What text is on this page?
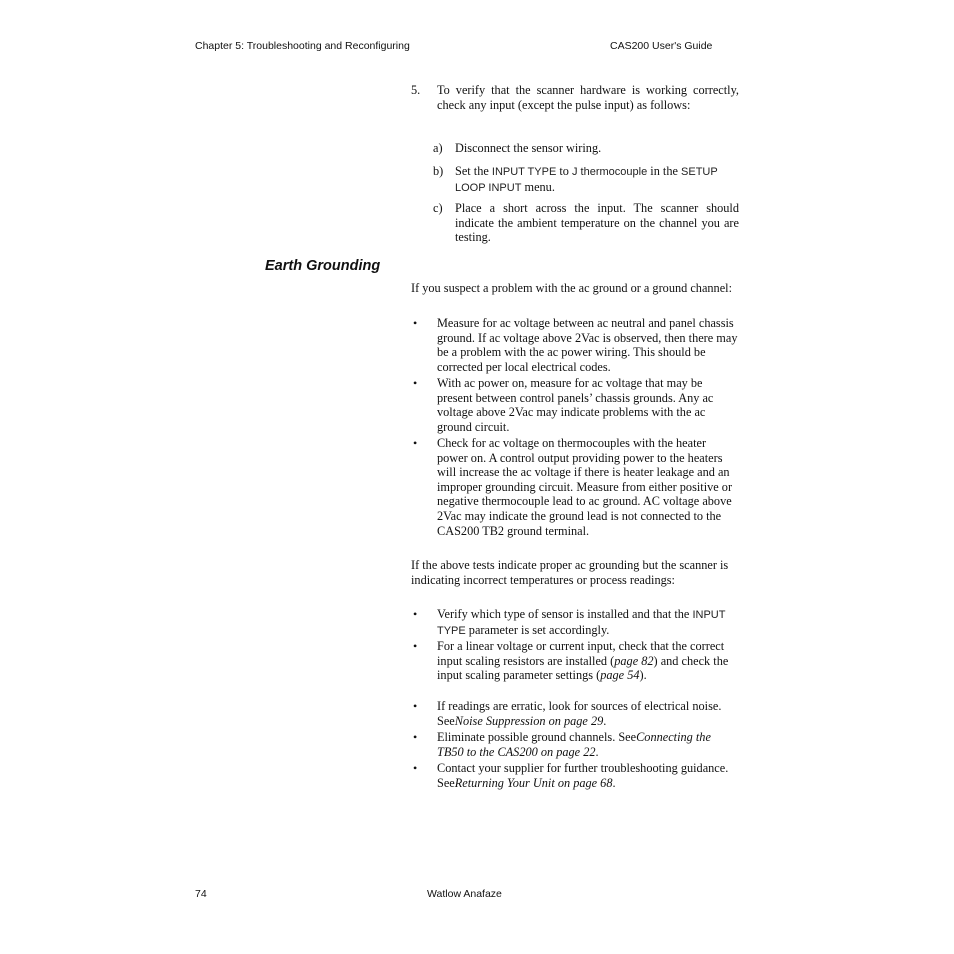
Chapter 5: Troubleshooting and Reconfiguring	CAS200 User's Guide
5. To verify that the scanner hardware is working correctly, check any input (except the pulse input) as follows:
a) Disconnect the sensor wiring.
b) Set the INPUT TYPE to J thermocouple in the SETUP LOOP INPUT menu.
c) Place a short across the input. The scanner should indicate the ambient temperature on the channel you are testing.
Earth Grounding
If you suspect a problem with the ac ground or a ground channel:
• Measure for ac voltage between ac neutral and panel chassis ground. If ac voltage above 2Vac is observed, then there may be a problem with the ac power wiring. This should be corrected per local electrical codes.
• With ac power on, measure for ac voltage that may be present between control panels’ chassis grounds. Any ac voltage above 2Vac may indicate problems with the ac ground circuit.
• Check for ac voltage on thermocouples with the heater power on. A control output providing power to the heaters will increase the ac voltage if there is heater leakage and an improper grounding circuit. Measure from either positive or negative thermocouple lead to ac ground. AC voltage above 2Vac may indicate the ground lead is not connected to the CAS200 TB2 ground terminal.
If the above tests indicate proper ac grounding but the scanner is indicating incorrect temperatures or process readings:
• Verify which type of sensor is installed and that the INPUT TYPE parameter is set accordingly.
• For a linear voltage or current input, check that the correct input scaling resistors are installed (page 82) and check the input scaling parameter settings (page 54).
• If readings are erratic, look for sources of electrical noise. SeeNoise Suppression on page 29.
• Eliminate possible ground channels. SeeConnecting the TB50 to the CAS200 on page 22.
• Contact your supplier for further troubleshooting guidance. SeeReturning Your Unit on page 68.
74	Watlow Anafaze
